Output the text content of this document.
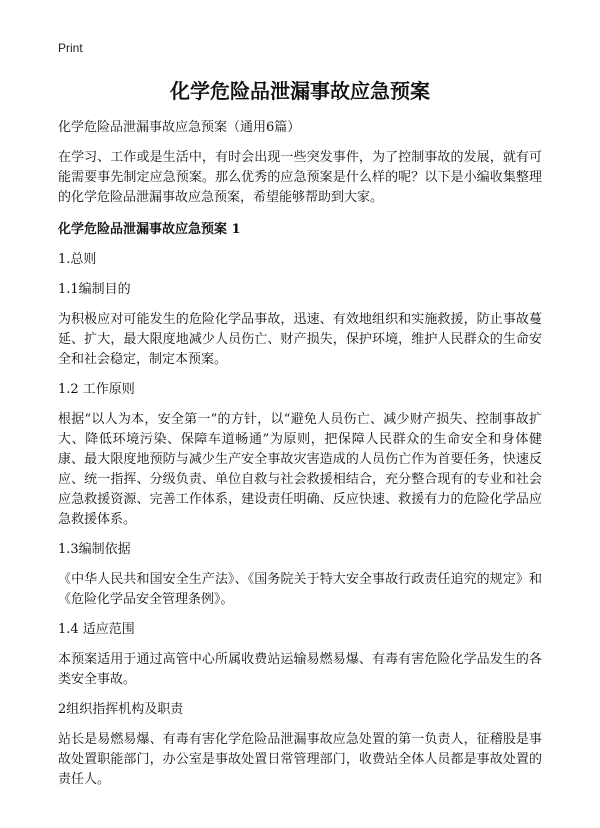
Print
化学危险品泄漏事故应急预案
化学危险品泄漏事故应急预案（通用6篇）

在学习、工作或是生活中，有时会出现一些突发事件，为了控制事故的发展，就有可能需要事先制定应急预案。那么优秀的应急预案是什么样的呢？以下是小编收集整理的化学危险品泄漏事故应急预案，希望能够帮助到大家。

化学危险品泄漏事故应急预案 1
1.总则
1.1编制目的

为积极应对可能发生的危险化学品事故，迅速、有效地组织和实施救援，防止事故蔓延、扩大，最大限度地减少人员伤亡、财产损失，保护环境，维护人民群众的生命安全和社会稳定，制定本预案。

1.2 工作原则

根据“以人为本，安全第一”的方针，以“避免人员伤亡、减少财产损失、控制事故扩大、降低环境污染、保障车道畅通”为原则，把保障人民群众的生命安全和身体健康、最大限度地预防与减少生产安全事故灾害造成的人员伤亡作为首要任务，快速反应、统一指挥、分级负责、单位自救与社会救援相结合，充分整合现有的专业和社会应急救援资源、完善工作体系，建设责任明确、反应快速、救援有力的危险化学品应急救援体系。

1.3编制依据

《中华人民共和国安全生产法》、《国务院关于特大安全事故行政责任追究的规定》和《危险化学品安全管理条例》。

1.4 适应范围

本预案适用于通过高管中心所属收费站运输易燃易爆、有毒有害危险化学品发生的各类安全事故。

2组织指挥机构及职责

站长是易燃易爆、有毒有害化学危险品泄漏事故应急处置的第一负责人，征稽股是事故处置职能部门，办公室是事故处置日常管理部门，收费站全体人员都是事故处置的责任人。
